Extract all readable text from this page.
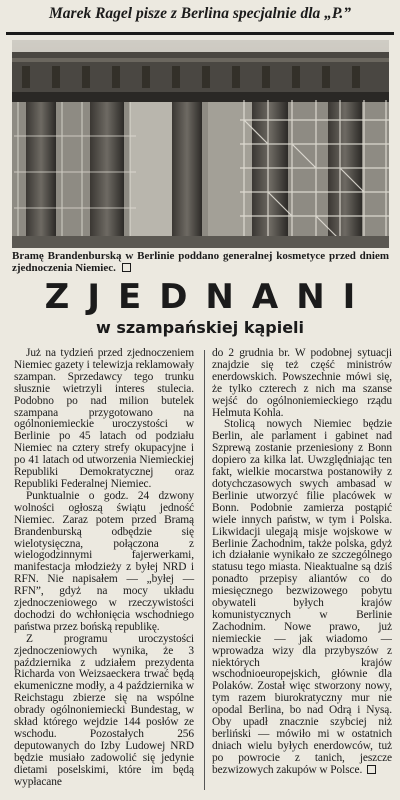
Marek Ragel pisze z Berlina specjalnie dla „P.”
Bramę Brandenburską w Berlinie poddano generalnej kosmetyce przed dniem zjednoczenia Niemiec.
ZJEDNANI
w szampańskiej kąpieli

Już na tydzień przed zjednoczeniem Niemiec gazety i telewizja reklamowały szampan. Sprzedawcy tego trunku słusznie wietrzyli interes stulecia. Podobno po nad milion butelek szampana przygotowano na ogólnoniemieckie uroczystości w Berlinie po 45 latach od podziału Niemiec na cztery strefy okupacyjne i po 41 latach od utworzenia Niemieckiej Republiki Demokratycznej oraz Republiki Federalnej Niemiec.

Punktualnie o godz. 24 dzwony wolności ogłoszą świątu jedność Niemiec. Zaraz potem przed Bramą Brandenburską odbędzie się wielotysięczna, połączona z wielogodzinnymi fajerwerkami, manifestacja młodzieży z byłej NRD i RFN. Nie napisałem — „byłej — RFN”, gdyż na mocy układu zjednoczeniowego w rzeczywistości dochodzi do wchłonięcia wschodniego państwa przez bońską republikę.

Z programu uroczystości zjednoczeniowych wynika, że 3 października z udziałem prezydenta Richarda von Weizsaeckera trwać będą ekumeniczne modły, a 4 października w Reichstagu zbierze się na wspólne obrady ogólnoniemiecki Bundestag, w skład którego wejdzie 144 posłów ze wschodu. Pozostałych 256 deputowanych do Izby Ludowej NRD będzie musiało zadowolić się jedynie dietami poselskimi, które im będą wypłacane

do 2 grudnia br. W podobnej sytuacji znajdzie się też część ministrów enerdowskich. Powszechnie mówi się, że tylko czterech z nich ma szanse wejść do ogólnoniemieckiego rządu Helmuta Kohla.

Stolicą nowych Niemiec będzie Berlin, ale parlament i gabinet nad Szprewą zostanie przeniesiony z Bonn dopiero za kilka lat. Uwzględniając ten fakt, wielkie mocarstwa postanowiły z dotychczasowych swych ambasad w Berlinie utworzyć filie placówek w Bonn. Podobnie zamierza postąpić wiele innych państw, w tym i Polska. Likwidacji ulegają misje wojskowe w Berlinie Zachodnim, także polska, gdyż ich działanie wynikało ze szczególnego statusu tego miasta. Nieaktualne są dziś ponadto przepisy aliantów co do miesięcznego bezwizowego pobytu obywateli byłych krajów komunistycznych w Berlinie Zachodnim. Nowe prawo, już niemieckie — jak wiadomo — wprowadza wizy dla przybyszów z niektórych krajów wschodnioeuropejskich, głównie dla Polaków. Został więc stworzony nowy, tym razem biurokratyczny mur nie opodal Berlina, bo nad Odrą i Nysą. Oby upadł znacznie szybciej niż berliński — mówiło mi w ostatnich dniach wielu byłych enerdowców, tuż po powrocie z tanich, jeszcze bezwizowych zakupów w Polsce.
